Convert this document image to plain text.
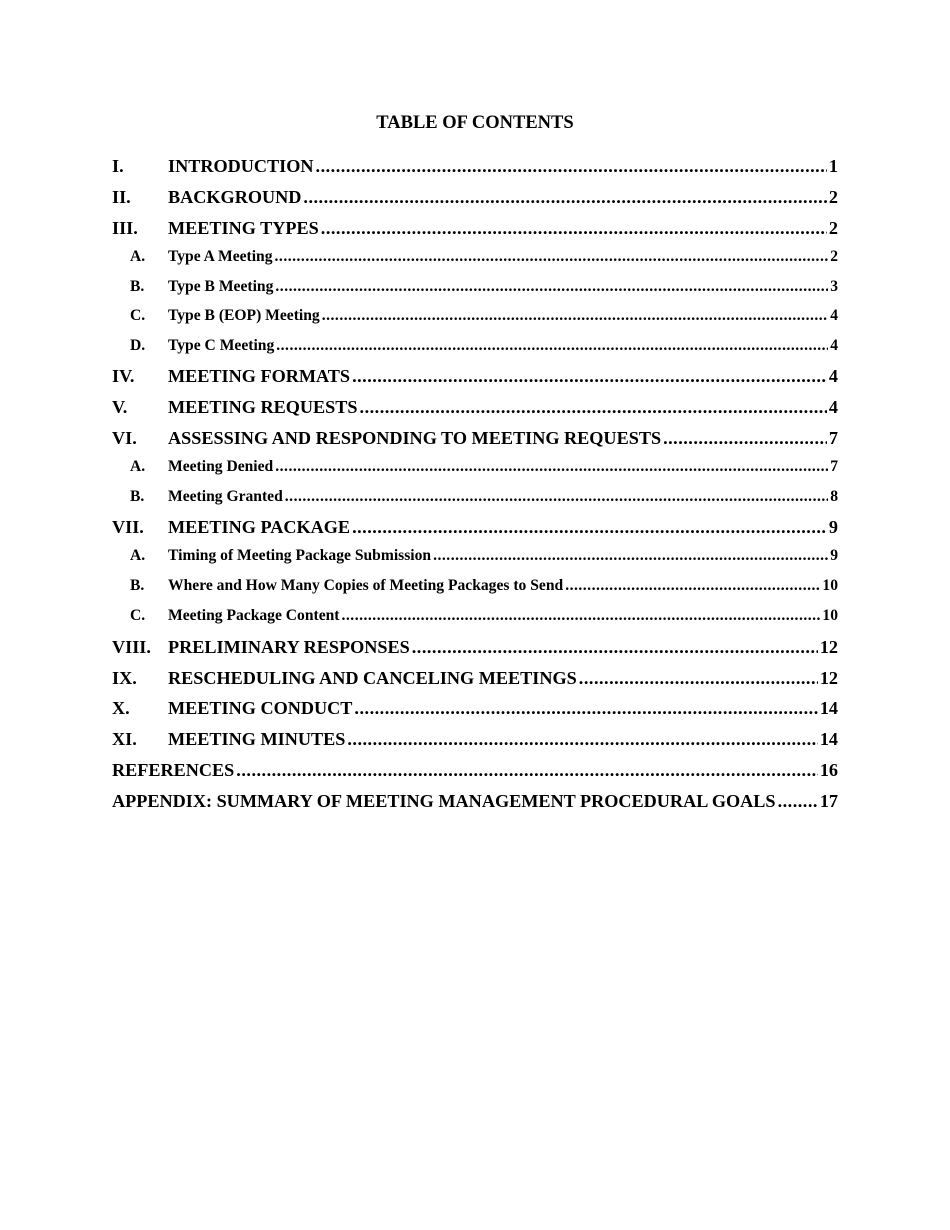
TABLE OF CONTENTS
I.	INTRODUCTION .....	1
II.	BACKGROUND .....	2
III.	MEETING TYPES .....	2
A.	Type A Meeting .....	2
B.	Type B Meeting .....	3
C.	Type B (EOP) Meeting .....	4
D.	Type C Meeting .....	4
IV.	MEETING FORMATS .....	4
V.	MEETING REQUESTS .....	4
VI.	ASSESSING AND RESPONDING TO MEETING REQUESTS .....	7
A.	Meeting Denied .....	7
B.	Meeting Granted .....	8
VII.	MEETING PACKAGE .....	9
A.	Timing of Meeting Package Submission .....	9
B.	Where and How Many Copies of Meeting Packages to Send .....	10
C.	Meeting Package Content .....	10
VIII. PRELIMINARY RESPONSES .....	12
IX.	RESCHEDULING AND CANCELING MEETINGS .....	12
X.	MEETING CONDUCT .....	14
XI.	MEETING MINUTES .....	14
REFERENCES .....	16
APPENDIX: SUMMARY OF MEETING MANAGEMENT PROCEDURAL GOALS ..... 17
